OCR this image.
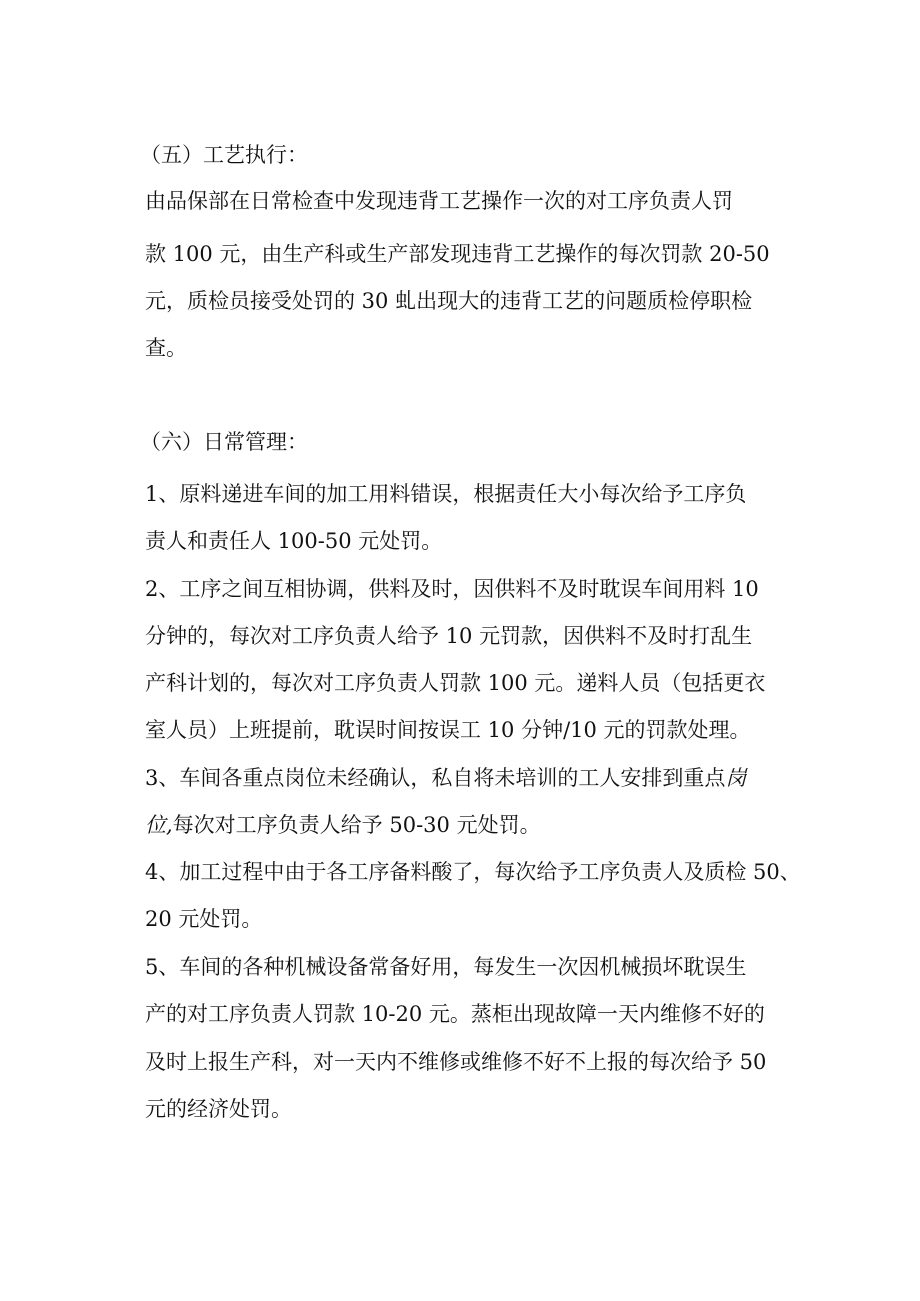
（五）工艺执行：
由品保部在日常检查中发现违背工艺操作一次的对工序负责人罚
款 100 元，由生产科或生产部发现违背工艺操作的每次罚款 20-50
元，质检员接受处罚的 30 虬出现大的违背工艺的问题质检停职检
查。
（六）日常管理：
1、原料递进车间的加工用料错误，根据责任大小每次给予工序负
责人和责任人 100-50 元处罚。
2、工序之间互相协调，供料及时，因供料不及时耽误车间用料 10
分钟的，每次对工序负责人给予 10 元罚款，因供料不及时打乱生
产科计划的，每次对工序负责人罚款 100 元。递料人员（包括更衣
室人员）上班提前，耽误时间按误工 10 分钟/10 元的罚款处理。
3、车间各重点岗位未经确认，私自将未培训的工人安排到重点岗
位,每次对工序负责人给予 50-30 元处罚。
4、加工过程中由于各工序备料酸了，每次给予工序负责人及质检 50、
20 元处罚。
5、车间的各种机械设备常备好用，每发生一次因机械损坏耽误生
产的对工序负责人罚款 10-20 元。蒸柜出现故障一天内维修不好的
及时上报生产科，对一天内不维修或维修不好不上报的每次给予 50
元的经济处罚。
